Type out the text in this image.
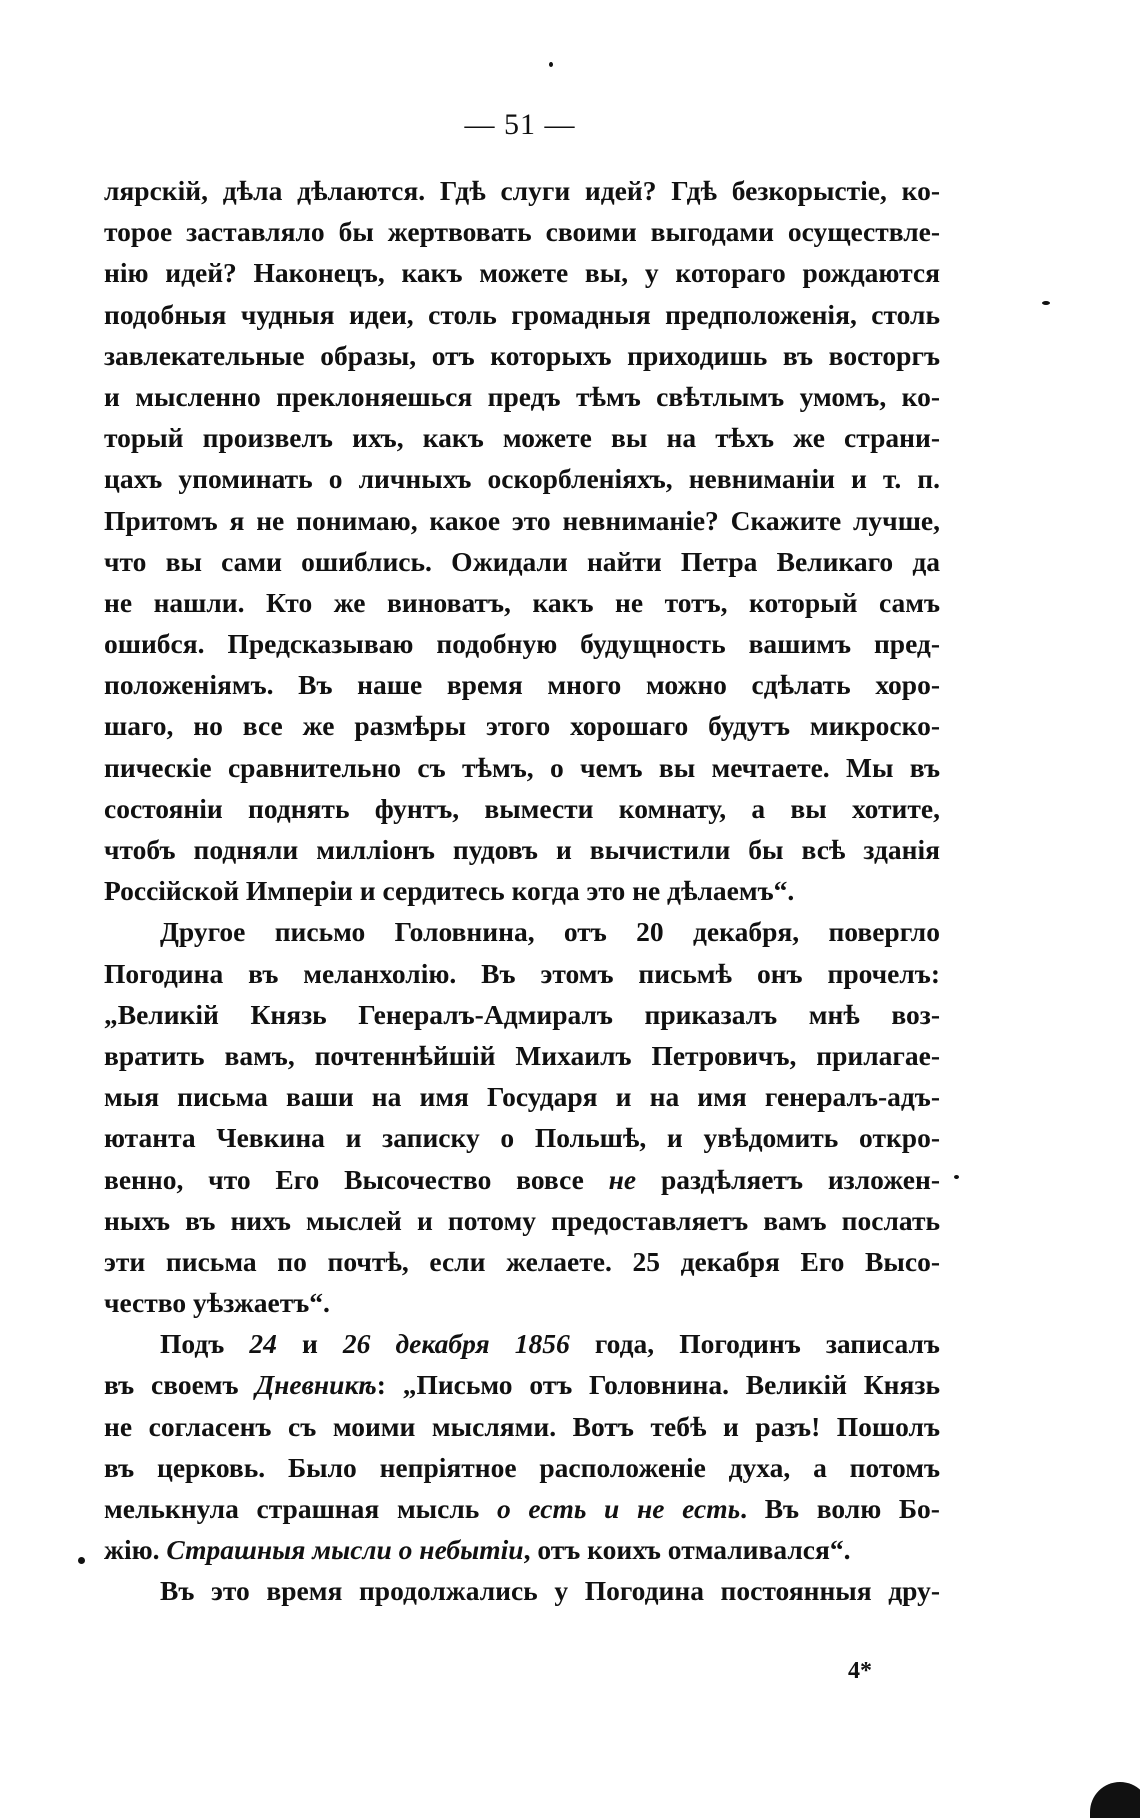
— 51 —
лярскій, дѣла дѣлаются. Гдѣ слуги идей? Гдѣ безкорыстіе, ко-
торое заставляло бы жертвовать своими выгодами осуществле-
нію идей? Наконецъ, какъ можете вы, у котораго рождаются
подобныя чудныя идеи, столь громадныя предположенія, столь
завлекательные образы, отъ которыхъ приходишь въ восторгъ
и мысленно преклоняешься предъ тѣмъ свѣтлымъ умомъ, ко-
торый произвелъ ихъ, какъ можете вы на тѣхъ же страни-
цахъ упоминать о личныхъ оскорбленіяхъ, невниманіи и т. п.
Притомъ я не понимаю, какое это невниманіе? Скажите лучше,
что вы сами ошиблись. Ожидали найти Петра Великаго да
не нашли. Кто же виноватъ, какъ не тотъ, который самъ
ошибся. Предсказываю подобную будущность вашимъ пред-
положеніямъ. Въ наше время много можно сдѣлать хоро-
шаго, но все же размѣры этого хорошаго будутъ микроско-
пическіе сравнительно съ тѣмъ, о чемъ вы мечтаете. Мы въ
состояніи поднять фунтъ, вымести комнату, а вы хотите,
чтобъ подняли милліонъ пудовъ и вычистили бы всѣ зданія
Россійской Имперіи и сердитесь когда это не дѣлаемъ“.
Другое письмо Головнина, отъ 20 декабря, повергло
Погодина въ меланхолію. Въ этомъ письмѣ онъ прочелъ:
„Великій Князь Генералъ-Адмиралъ приказалъ мнѣ воз-
вратить вамъ, почтеннѣйшій Михаилъ Петровичъ, прилагае-
мыя письма ваши на имя Государя и на имя генералъ-адъ-
ютанта Чевкина и записку о Польшѣ, и увѣдомить откро-
венно, что Его Высочество вовсе не раздѣляетъ изложен-
ныхъ въ нихъ мыслей и потому предоставляетъ вамъ послать
эти письма по почтѣ, если желаете. 25 декабря Его Высо-
чество уѣзжаетъ“.
Подъ 24 и 26 декабря 1856 года, Погодинъ записалъ
въ своемъ Дневникѣ: „Письмо отъ Головнина. Великій Князь
не согласенъ съ моими мыслями. Вотъ тебѣ и разъ! Пошолъ
въ церковь. Было непріятное расположеніе духа, а потомъ
мелькнула страшная мысль о есть и не есть. Въ волю Бо-
жію. Страшныя мысли о небытіи, отъ коихъ отмаливался“.
Въ это время продолжались у Погодина постоянныя дру-
4*
